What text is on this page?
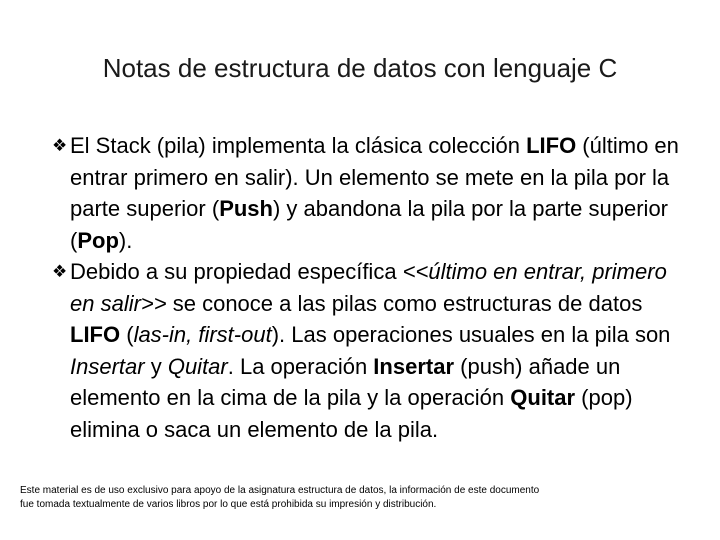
Notas de estructura de datos con lenguaje C
❖ El Stack (pila) implementa la clásica colección LIFO (último en entrar primero en salir). Un elemento se mete en la pila por la parte superior (Push) y abandona la pila por la parte superior (Pop).

❖ Debido a su propiedad específica <<último en entrar, primero en salir>> se conoce a las pilas como estructuras de datos LIFO (las-in, first-out). Las operaciones usuales en la pila son Insertar y Quitar. La operación Insertar (push) añade un elemento en la cima de la pila y la operación Quitar (pop) elimina o saca un elemento de la pila.

Este material es de uso exclusivo para apoyo de la asignatura estructura de datos, la información de este documento

fue tomada textualmente de varios libros por lo que está prohibida su impresión y distribución.
